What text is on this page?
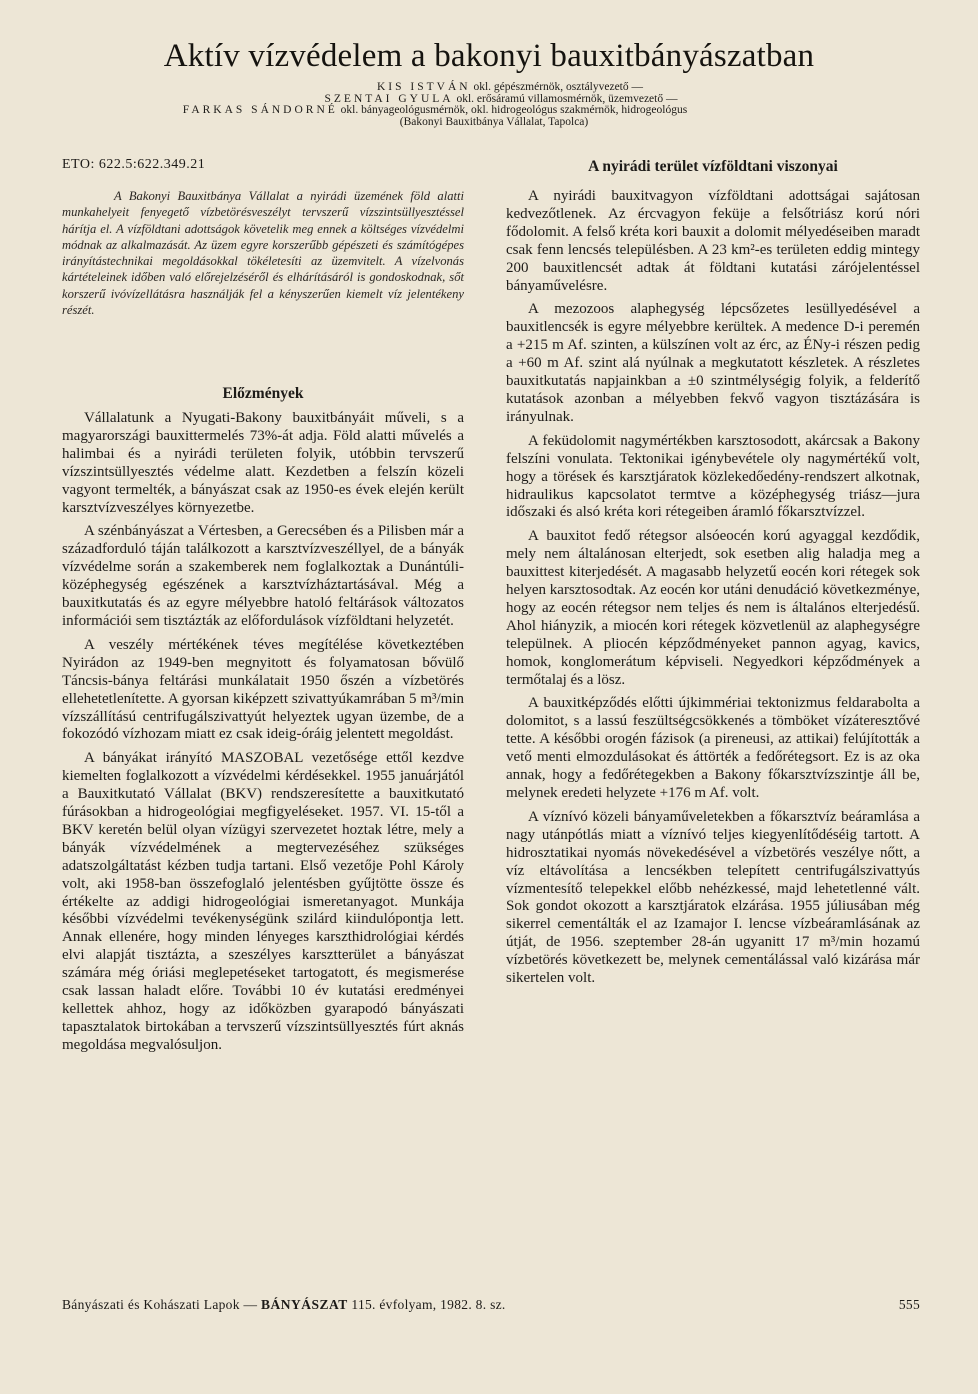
Aktív vízvédelem a bakonyi bauxitbányászatban
KIS ISTVÁN okl. gépészmérnök, osztályvezető —
SZENTAI GYULA okl. erősáramú villamosmérnök, üzemvezető —
FARKAS SÁNDORNÉ okl. bányageológusmérnök, okl. hidrogeológus szakmérnök, hidrogeológus
(Bakonyi Bauxitbánya Vállalat, Tapolca)
ETO: 622.5:622.349.21
A Bakonyi Bauxitbánya Vállalat a nyirádi üzemének föld alatti munkahelyeit fenyegető vízbetörésveszélyt tervszerű vízszintsüllyesztéssel hárítja el. A vízföldtani adottságok követelik meg ennek a költséges vízvédelmi módnak az alkalmazását. Az üzem egyre korszerűbb gépészeti és számítógépes irányítástechnikai megoldásokkal tökéletesíti az üzemvitelt. A vízelvonás kártételeinek időben való előrejelzéséről és elhárításáról is gondoskodnak, sőt korszerű ivóvízellátásra használják fel a kényszerűen kiemelt víz jelentékeny részét.
Előzmények

Vállalatunk a Nyugati-Bakony bauxitbányáit műveli, s a magyarországi bauxittermelés 73%-át adja. Föld alatti művelés a halimbai és a nyirádi területen folyik, utóbbin tervszerű vízszintsüllyesztés védelme alatt. Kezdetben a felszín közeli vagyont termelték, a bányászat csak az 1950-es évek elején került karsztvízveszélyes környezetbe.

A szénbányászat a Vértesben, a Gerecsében és a Pilisben már a századforduló táján találkozott a karsztvízveszéllyel, de a bányák vízvédelme során a szakemberek nem foglalkoztak a Dunántúli-középhegység egészének a karsztvízháztartásával. Még a bauxitkutatás és az egyre mélyebbre hatoló feltárások változatos információi sem tisztázták az előfordulások vízföldtani helyzetét.

A veszély mértékének téves megítélése következtében Nyirádon az 1949-ben megnyitott és folyamatosan bővülő Táncsis-bánya feltárási munkálatait 1950 őszén a vízbetörés ellehetetlenítette. A gyorsan kiképzett szivattyúkamrában 5 m³/min vízszállítású centrifugálszivattyút helyeztek ugyan üzembe, de a fokozódó vízhozam miatt ez csak ideig-óráig jelentett megoldást.

A bányákat irányító MASZOBAL vezetősége ettől kezdve kiemelten foglalkozott a vízvédelmi kérdésekkel. 1955 januárjától a Bauxitkutató Vállalat (BKV) rendszeresítette a bauxitkutató fúrásokban a hidrogeológiai megfigyeléseket. 1957. VI. 15-től a BKV keretén belül olyan vízügyi szervezetet hoztak létre, mely a bányák vízvédelmének a megtervezéséhez szükséges adatszolgáltatást kézben tudja tartani. Első vezetője Pohl Károly volt, aki 1958-ban összefoglaló jelentésben gyűjtötte össze és értékelte az addigi hidrogeológiai ismeretanyagot. Munkája későbbi vízvédelmi tevékenységünk szilárd kiindulópontja lett. Annak ellenére, hogy minden lényeges karszthidrológiai kérdés elvi alapját tisztázta, a szeszélyes karsztterület a bányászat számára még óriási meglepetéseket tartogatott, és megismerése csak lassan haladt előre. További 10 év kutatási eredményei kellettek ahhoz, hogy az időközben gyarapodó bányászati tapasztalatok birtokában a tervszerű vízszintsüllyesztés fúrt aknás megoldása megvalósuljon.

A nyirádi terület vízföldtani viszonyai

A nyirádi bauxitvagyon vízföldtani adottságai sajátosan kedvezőtlenek. Az ércvagyon feküje a felsőtriász korú nóri fődolomit. A felső kréta kori bauxit a dolomit mélyedéseiben maradt csak fenn lencsés településben. A 23 km²-es területen eddig mintegy 200 bauxitlencsét adtak át földtani kutatási zárójelentéssel bányaművelésre.

A mezozoos alaphegység lépcsőzetes lesüllyedésével a bauxitlencsék is egyre mélyebbre kerültek. A medence D-i peremén a +215 m Af. szinten, a külszínen volt az érc, az ÉNy-i részen pedig a +60 m Af. szint alá nyúlnak a megkutatott készletek. A részletes bauxitkutatás napjainkban a ±0 szintmélységig folyik, a felderítő kutatások azonban a mélyebben fekvő vagyon tisztázására is irányulnak.

A feküdolomit nagymértékben karsztosodott, akárcsak a Bakony felszíni vonulata. Tektonikai igénybevétele oly nagymértékű volt, hogy a törések és karsztjáratok közlekedőedény-rendszert alkotnak, hidraulikus kapcsolatot termtve a középhegység triász—jura időszaki és alsó kréta kori rétegeiben áramló főkarsztvízzel.

A bauxitot fedő rétegsor alsóeocén korú agyaggal kezdődik, mely nem általánosan elterjedt, sok esetben alig haladja meg a bauxittest kiterjedését. A magasabb helyzetű eocén kori rétegek sok helyen karsztosodtak. Az eocén kor utáni denudáció következménye, hogy az eocén rétegsor nem teljes és nem is általános elterjedésű. Ahol hiányzik, a miocén kori rétegek közvetlenül az alaphegységre települnek. A pliocén képződményeket pannon agyag, kavics, homok, konglomerátum képviseli. Negyedkori képződmények a termőtalaj és a lösz.

A bauxitképződés előtti újkimmériai tektonizmus feldarabolta a dolomitot, s a lassú feszültségcsökkenés a tömböket vízáteresztővé tette. A későbbi orogén fázisok (a pireneusi, az attikai) felújították a vető menti elmozdulásokat és áttörték a fedőrétegsort. Ez is az oka annak, hogy a fedőrétegekben a Bakony főkarsztvízszintje áll be, melynek eredeti helyzete +176 m Af. volt.

A víznívó közeli bányaműveletekben a főkarsztvíz beáramlása a nagy utánpótlás miatt a víznívó teljes kiegyenlítődéséig tartott. A hidrosztatikai nyomás növekedésével a vízbetörés veszélye nőtt, a víz eltávolítása a lencsékben telepített centrifugálszivattyús vízmentesítő telepekkel előbb nehézkessé, majd lehetetlenné vált. Sok gondot okozott a karsztjáratok elzárása. 1955 júliusában még sikerrel cementálták el az Izamajor I. lencse vízbeáramlásának az útját, de 1956. szeptember 28-án ugyanitt 17 m³/min hozamú vízbetörés következett be, melynek cementálással való kizárása már sikertelen volt.

Bányászati és Kohászati Lapok — BÁNYÁSZAT 115. évfolyam, 1982. 8. sz.	555
